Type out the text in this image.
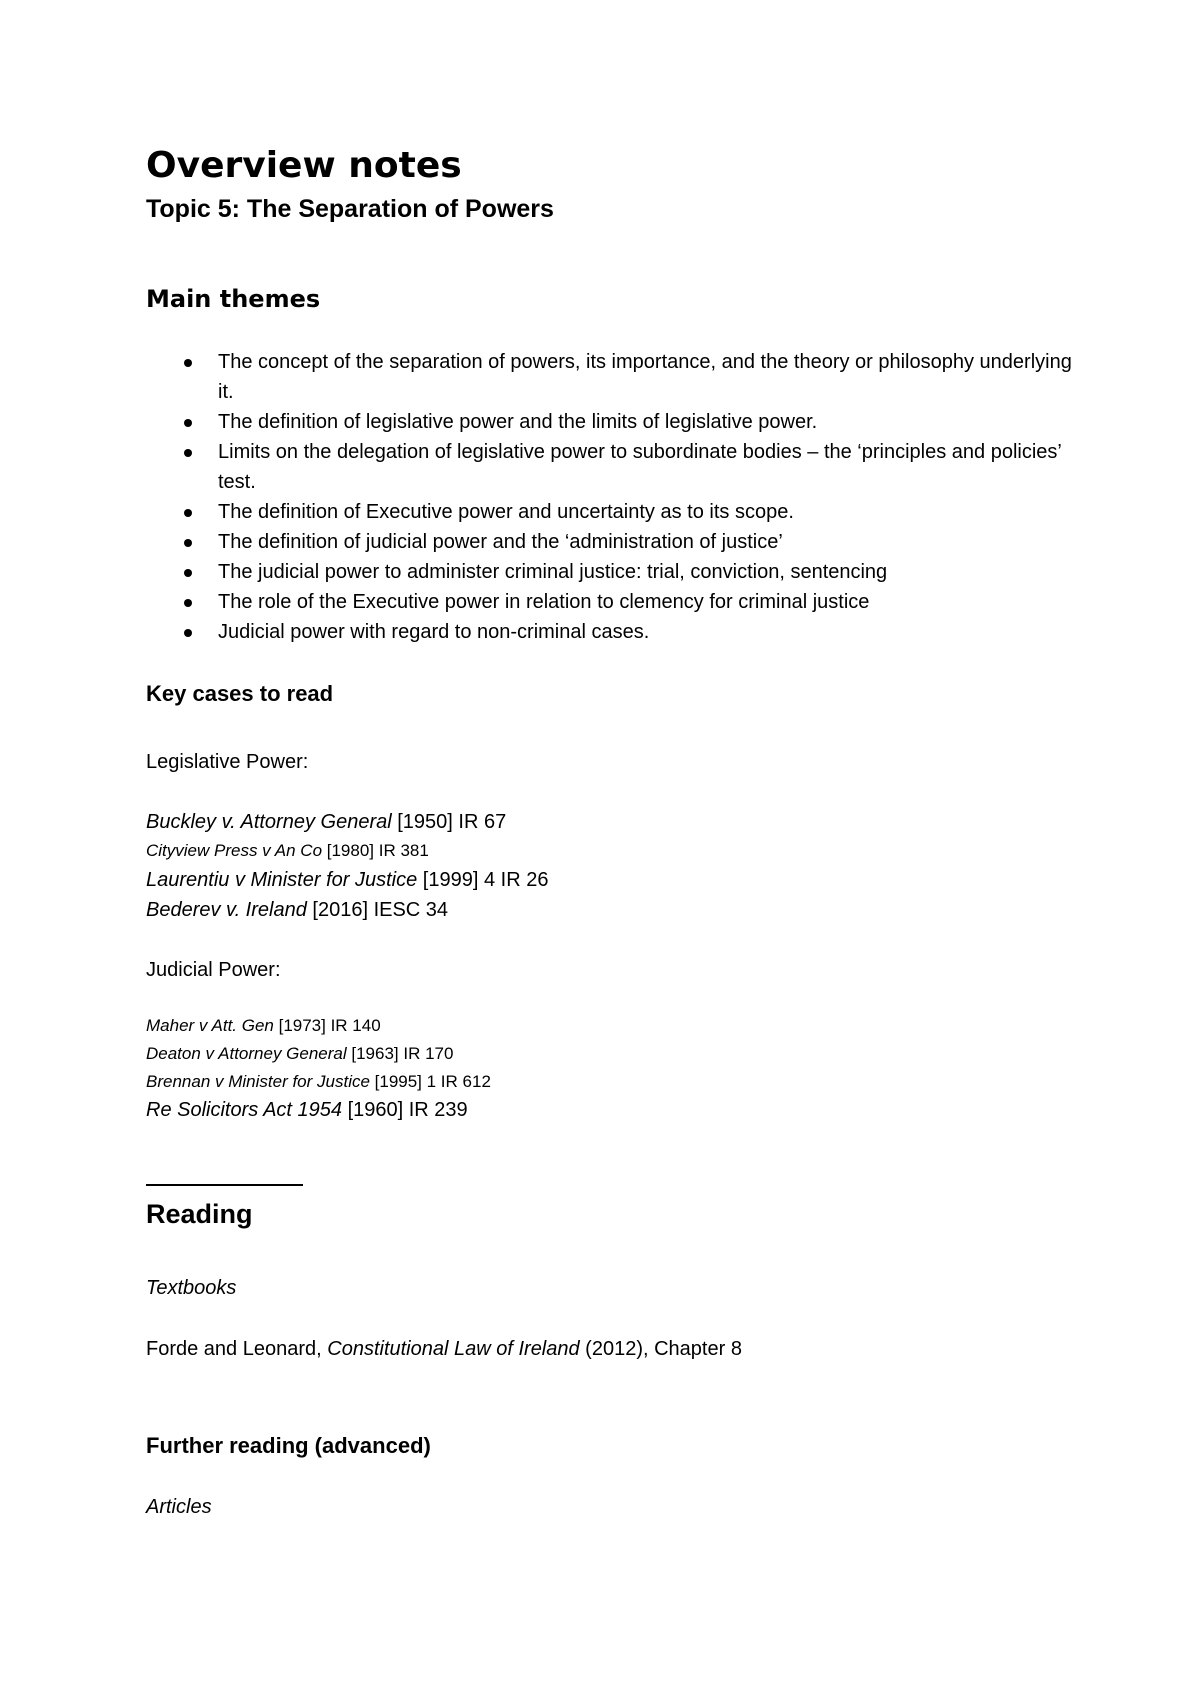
Overview notes
Topic 5: The Separation of Powers
Main themes
The concept of the separation of powers, its importance, and the theory or philosophy underlying it.
The definition of legislative power and the limits of legislative power.
Limits on the delegation of legislative power to subordinate bodies – the ‘principles and policies’ test.
The definition of Executive power and uncertainty as to its scope.
The definition of judicial power and the ‘administration of justice’
The judicial power to administer criminal justice: trial, conviction, sentencing
The role of the Executive power in relation to clemency for criminal justice
Judicial power with regard to non-criminal cases.
Key cases to read
Legislative Power:
Buckley v. Attorney General [1950] IR 67
Cityview Press v An Co [1980] IR 381
Laurentiu v Minister for Justice [1999] 4 IR 26
Bederev v. Ireland [2016] IESC 34
Judicial Power:
Maher v Att. Gen [1973] IR 140
Deaton v Attorney General [1963] IR 170
Brennan v Minister for Justice [1995] 1 IR 612
Re Solicitors Act 1954 [1960] IR 239
Reading
Textbooks
Forde and Leonard, Constitutional Law of Ireland (2012), Chapter 8
Further reading (advanced)
Articles
